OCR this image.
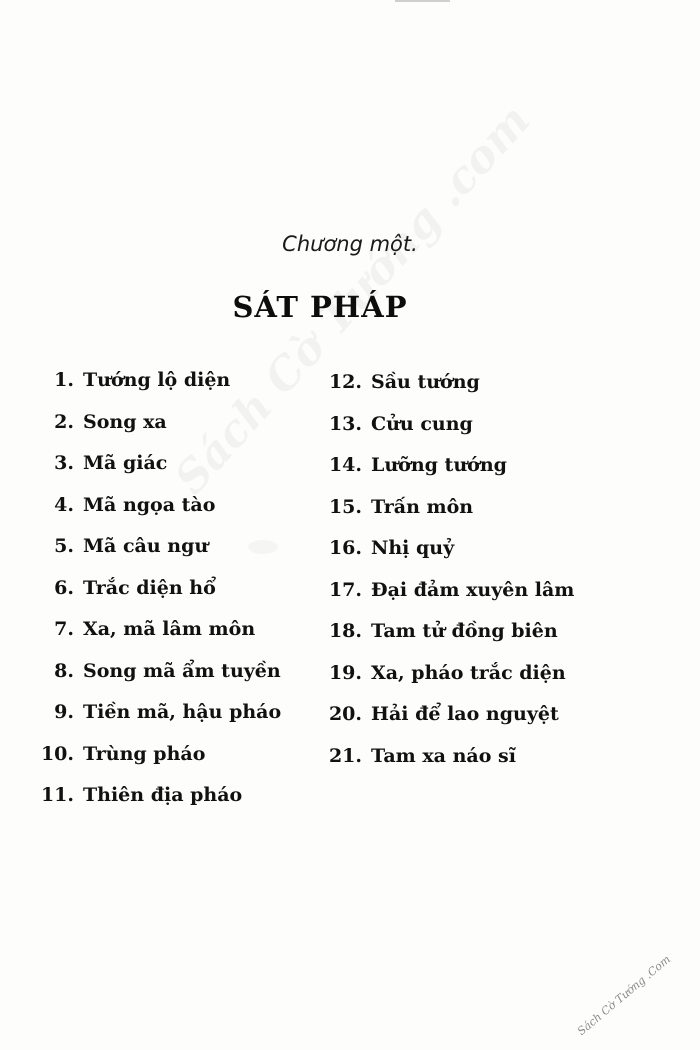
Chương một.
SÁT PHÁP
1. Tướng lộ diện
2. Song xa
3. Mã giác
4. Mã ngọa tào
5. Mã câu ngư
6. Trắc diện hổ
7. Xa, mã lâm môn
8. Song mã ẩm tuyền
9. Tiền mã, hậu pháo
10. Trùng pháo
11. Thiên địa pháo
12. Sầu tướng
13. Cửu cung
14. Lưỡng tướng
15. Trấn môn
16. Nhị quỷ
17. Đại đảm xuyên lâm
18. Tam tử đồng biên
19. Xa, pháo trắc diện
20. Hải để lao nguyệt
21. Tam xa náo sĩ
Sách Cờ Tướng .Com
